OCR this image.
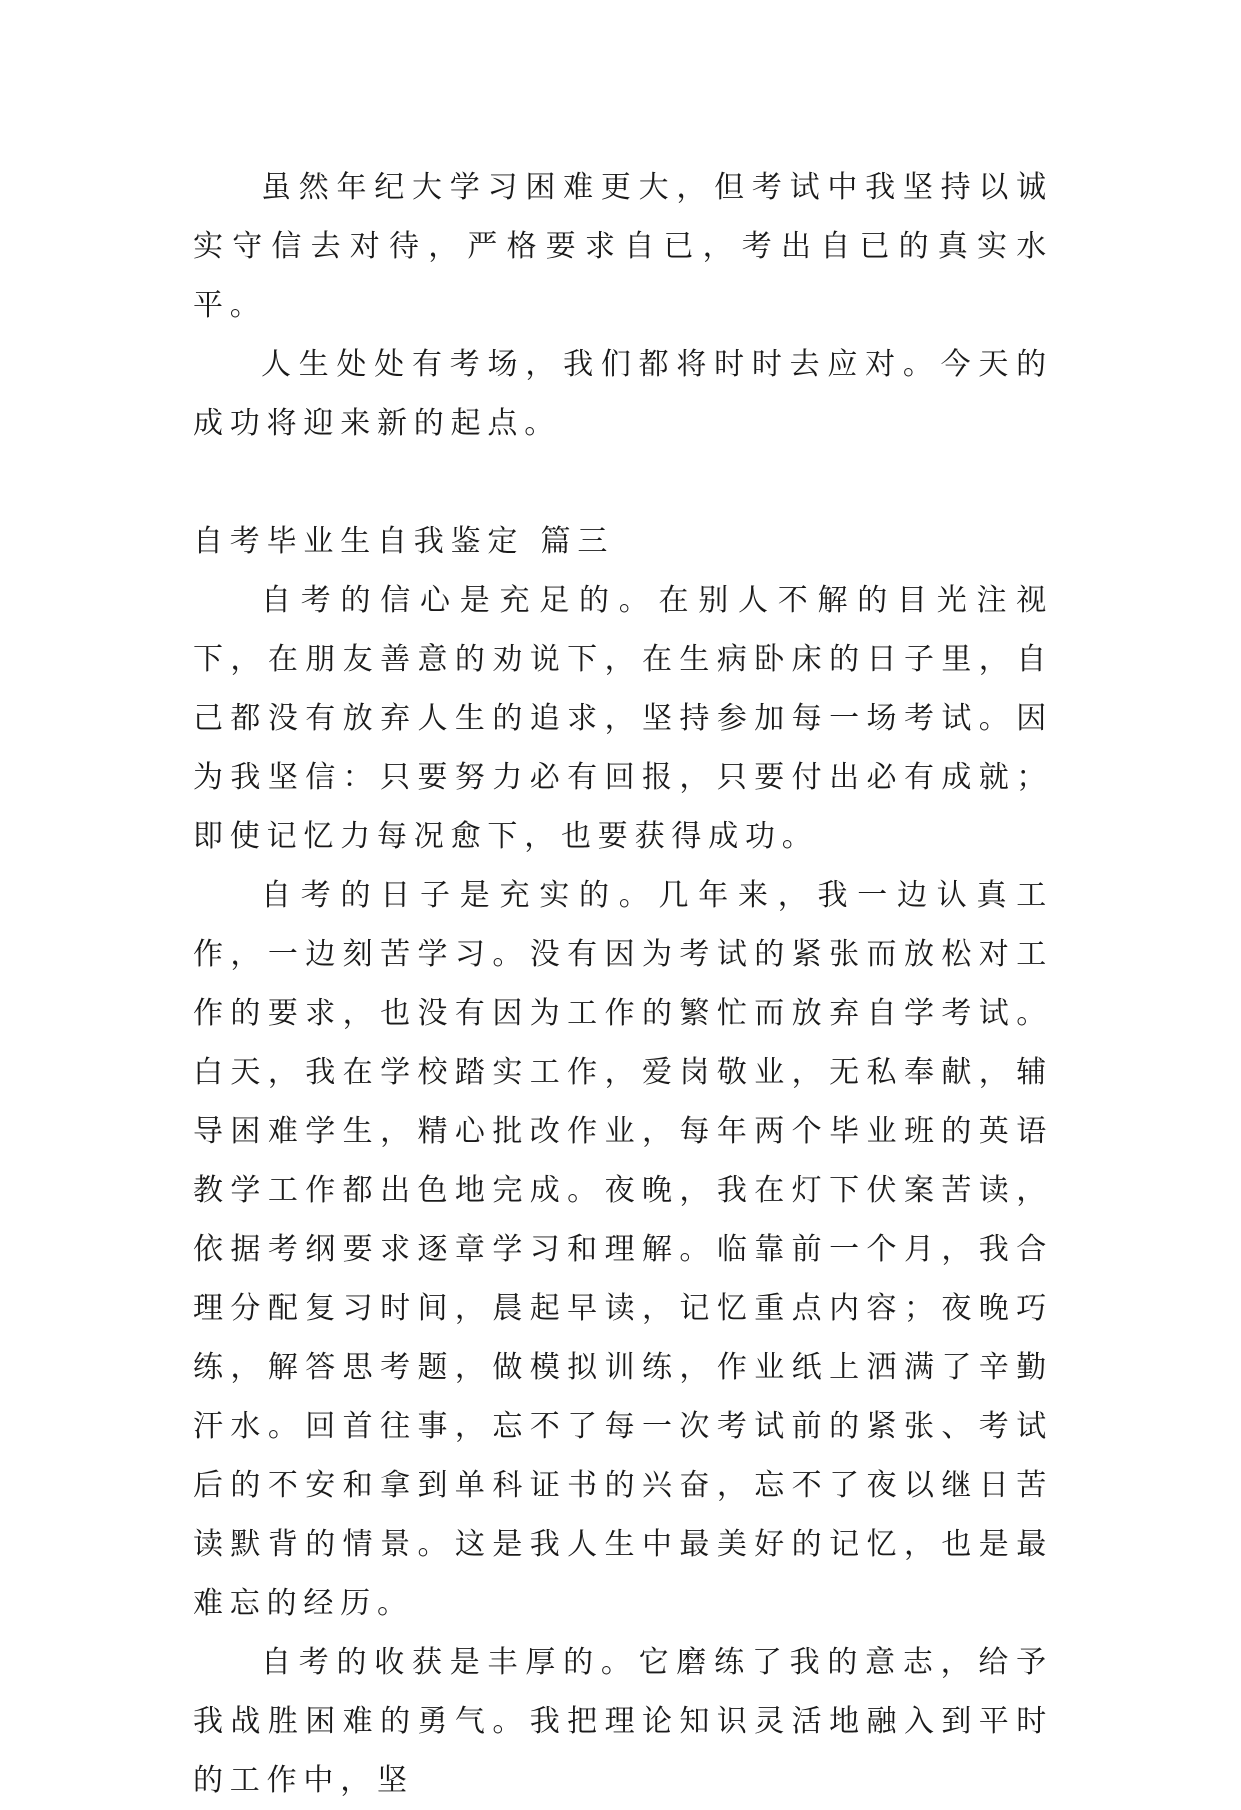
虽然年纪大学习困难更大，但考试中我坚持以诚实守信去对待，严格要求自已，考出自已的真实水平。

人生处处有考场，我们都将时时去应对。今天的成功将迎来新的起点。

自考毕业生自我鉴定 篇三

自考的信心是充足的。在别人不解的目光注视下，在朋友善意的劝说下，在生病卧床的日子里，自己都没有放弃人生的追求，坚持参加每一场考试。因为我坚信：只要努力必有回报，只要付出必有成就；即使记忆力每况愈下，也要获得成功。

自考的日子是充实的。几年来，我一边认真工作，一边刻苦学习。没有因为考试的紧张而放松对工作的要求，也没有因为工作的繁忙而放弃自学考试。白天，我在学校踏实工作，爱岗敬业，无私奉献，辅导困难学生，精心批改作业，每年两个毕业班的英语教学工作都出色地完成。夜晚，我在灯下伏案苦读，依据考纲要求逐章学习和理解。临靠前一个月，我合理分配复习时间，晨起早读，记忆重点内容；夜晚巧练，解答思考题，做模拟训练，作业纸上洒满了辛勤汗水。回首往事，忘不了每一次考试前的紧张、考试后的不安和拿到单科证书的兴奋，忘不了夜以继日苦读默背的情景。这是我人生中最美好的记忆，也是最难忘的经历。

自考的收获是丰厚的。它磨练了我的意志，给予我战胜困难的勇气。我把理论知识灵活地融入到平时的工作中，坚
